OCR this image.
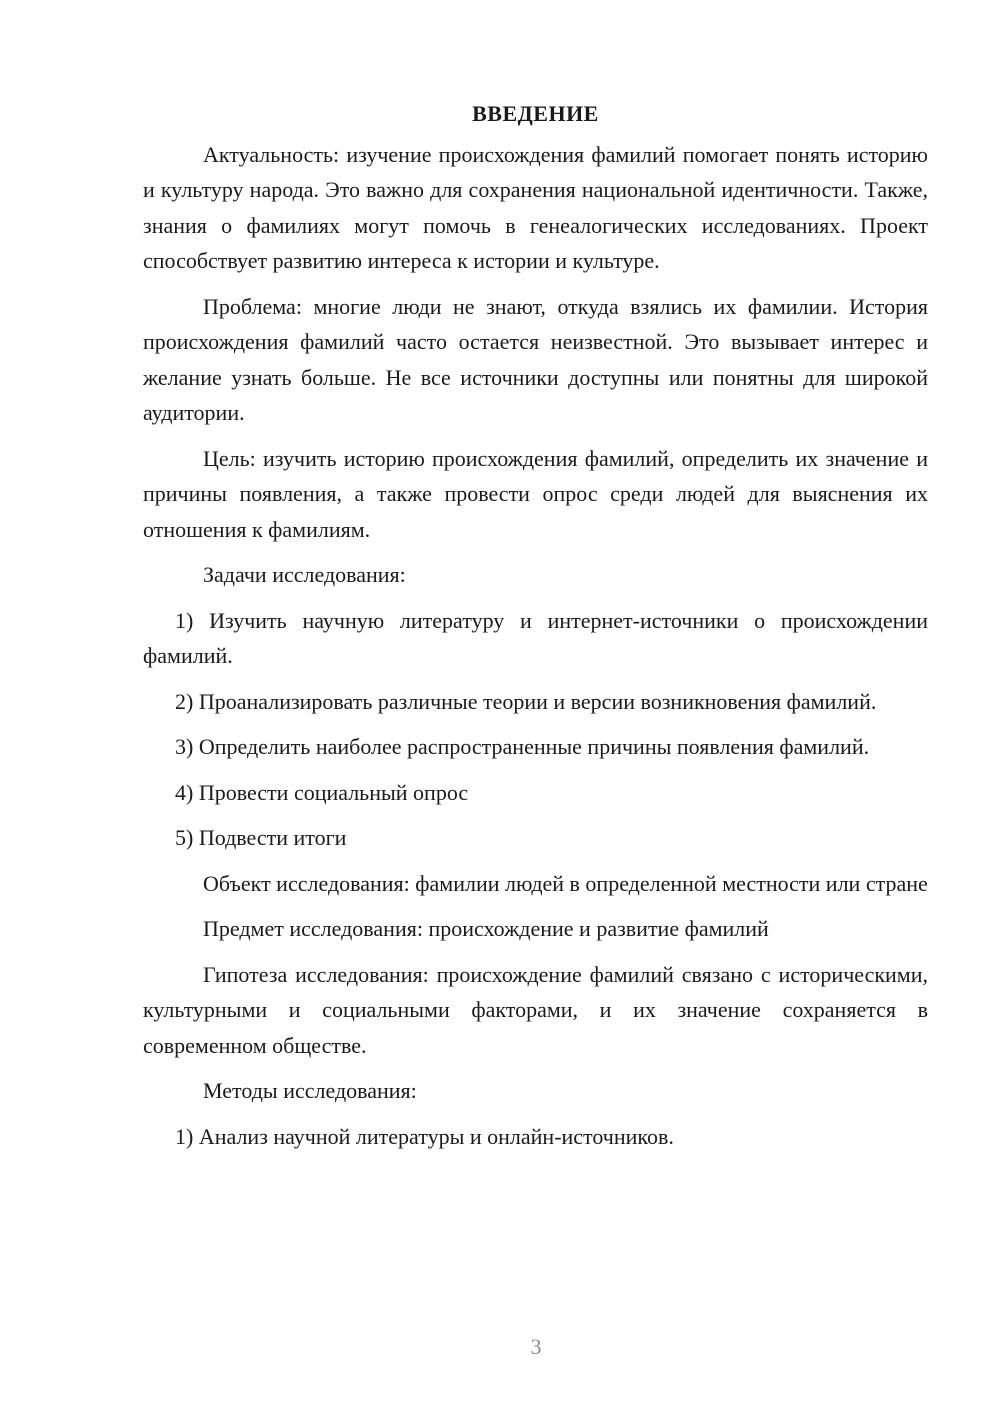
ВВЕДЕНИЕ

Актуальность: изучение происхождения фамилий помогает понять историю и культуру народа. Это важно для сохранения национальной идентичности. Также, знания о фамилиях могут помочь в генеалогических исследованиях. Проект способствует развитию интереса к истории и культуре.

Проблема: многие люди не знают, откуда взялись их фамилии. История происхождения фамилий часто остается неизвестной. Это вызывает интерес и желание узнать больше. Не все источники доступны или понятны для широкой аудитории.

Цель: изучить историю происхождения фамилий, определить их значение и причины появления, а также провести опрос среди людей для выяснения их отношения к фамилиям.

Задачи исследования:

1) Изучить научную литературу и интернет-источники о происхождении фамилий.

2) Проанализировать различные теории и версии возникновения фамилий.

3) Определить наиболее распространенные причины появления фамилий.

4) Провести социальный опрос

5) Подвести итоги

Объект исследования: фамилии людей в определенной местности или стране

Предмет исследования: происхождение и развитие фамилий

Гипотеза исследования: происхождение фамилий связано с историческими, культурными и социальными факторами, и их значение сохраняется в современном обществе.

Методы исследования:

1) Анализ научной литературы и онлайн-источников.

3
